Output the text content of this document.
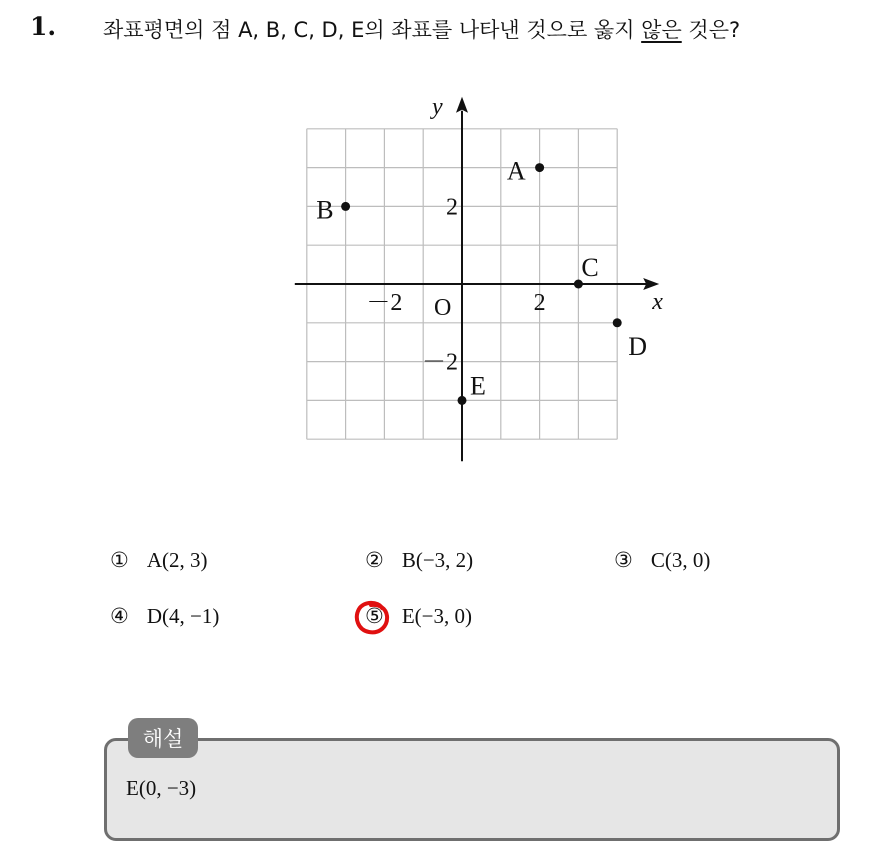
1. 좌표평면의 점 A, B, C, D, E의 좌표를 나타낸 것으로 옳지 않은 것은?
x
y
O
－2	2
2
－2
A
B
C
D
E
① A(2, 3)	② B(−3, 2)	③ C(3, 0)
④ D(4, −1)	⑤ E(−3, 0)
해설
E(0, −3)
